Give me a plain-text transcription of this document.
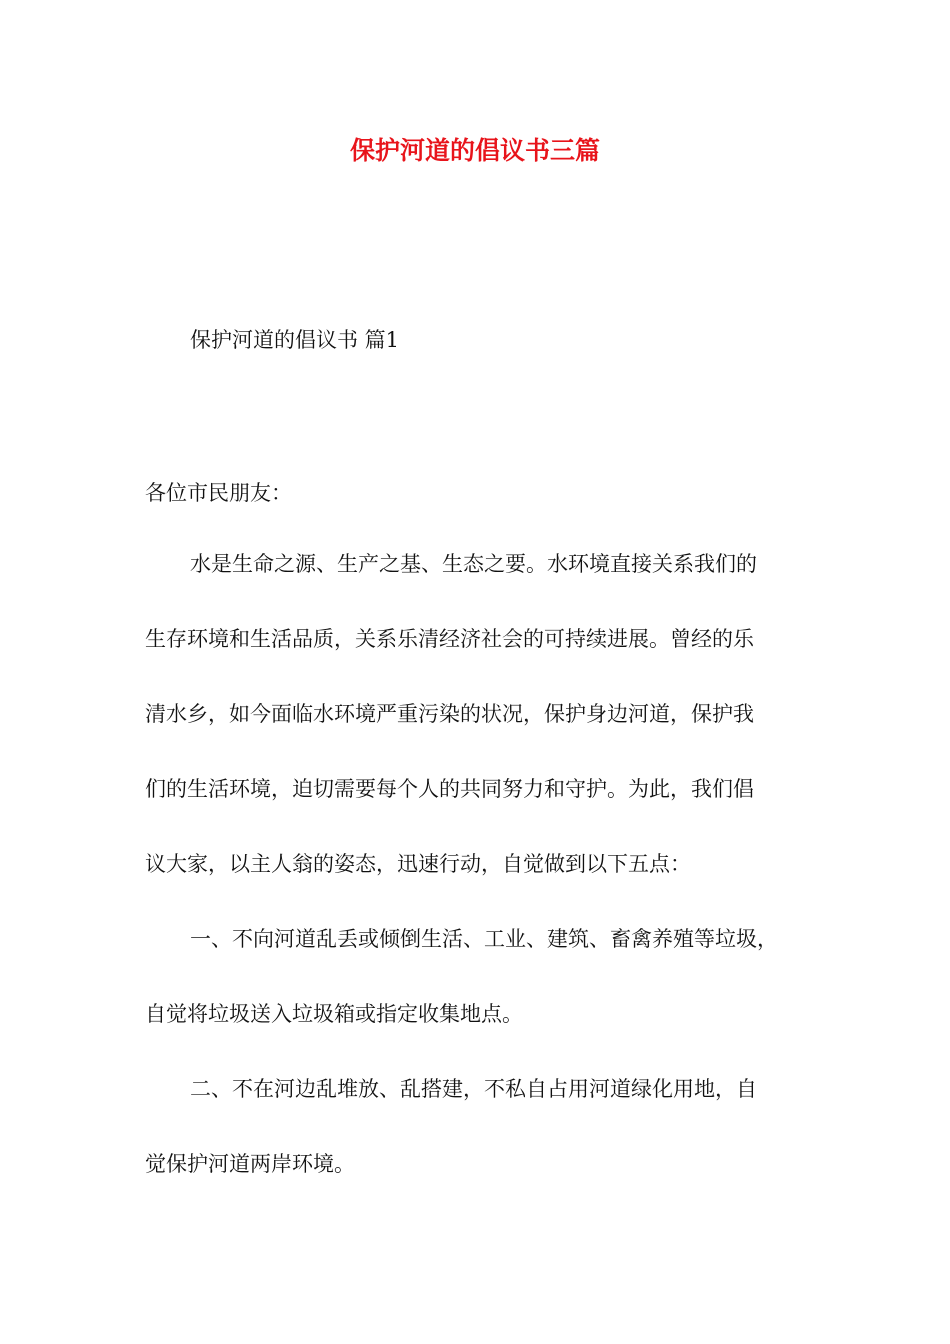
保护河道的倡议书三篇

保护河道的倡议书 篇1

各位市民朋友：

水是生命之源、生产之基、生态之要。水环境直接关系我们的

生存环境和生活品质，关系乐清经济社会的可持续进展。曾经的乐

清水乡，如今面临水环境严重污染的状况，保护身边河道，保护我

们的生活环境，迫切需要每个人的共同努力和守护。为此，我们倡

议大家，以主人翁的姿态，迅速行动，自觉做到以下五点：

一、不向河道乱丢或倾倒生活、工业、建筑、畜禽养殖等垃圾，

自觉将垃圾送入垃圾箱或指定收集地点。

二、不在河边乱堆放、乱搭建，不私自占用河道绿化用地，自

觉保护河道两岸环境。
